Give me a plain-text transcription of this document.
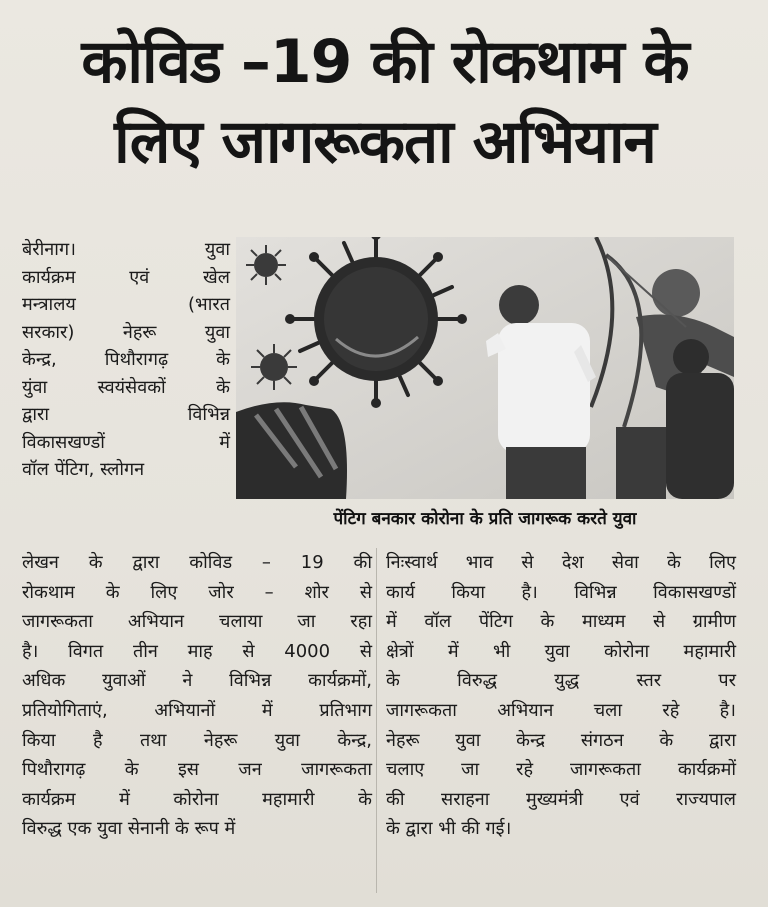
कोविड –19 की रोकथाम के
लिए जागरूकता अभियान

बेरीनाग। युवा

कार्यक्रम एवं खेल

मन्त्रालय (भारत

सरकार) नेहरू युवा

केन्द्र, पिथौरागढ़ के

युंवा स्वयंसेवकों के

द्वारा विभिन्न

विकासखण्डों में

वॉल पेंटिग, स्लोगन

पेंटिग बनकार कोरोना के प्रति जागरूक करते युवा

लेखन के द्वारा कोविड – 19 की

रोकथाम के लिए जोर – शोर से

जागरूकता अभियान चलाया जा रहा

है। विगत तीन माह से 4000 से

अधिक युवाओं ने विभिन्न कार्यक्रमों,

प्रतियोगिताएं, अभियानों में प्रतिभाग

किया है तथा नेहरू युवा केन्द्र,

पिथौरागढ़ के इस जन जागरूकता

कार्यक्रम में कोरोना महामारी के

विरुद्ध एक युवा सेनानी के रूप में

निःस्वार्थ भाव से देश सेवा के लिए

कार्य किया है। विभिन्न विकासखण्डों

में वॉल पेंटिग के माध्यम से ग्रामीण

क्षेत्रों में भी युवा कोरोना महामारी

के विरुद्ध युद्ध स्तर पर

जागरूकता अभियान चला रहे है।

नेहरू युवा केन्द्र संगठन के द्वारा

चलाए जा रहे जागरूकता कार्यक्रमों

की सराहना मुख्यमंत्री एवं राज्यपाल

के द्वारा भी की गई।
